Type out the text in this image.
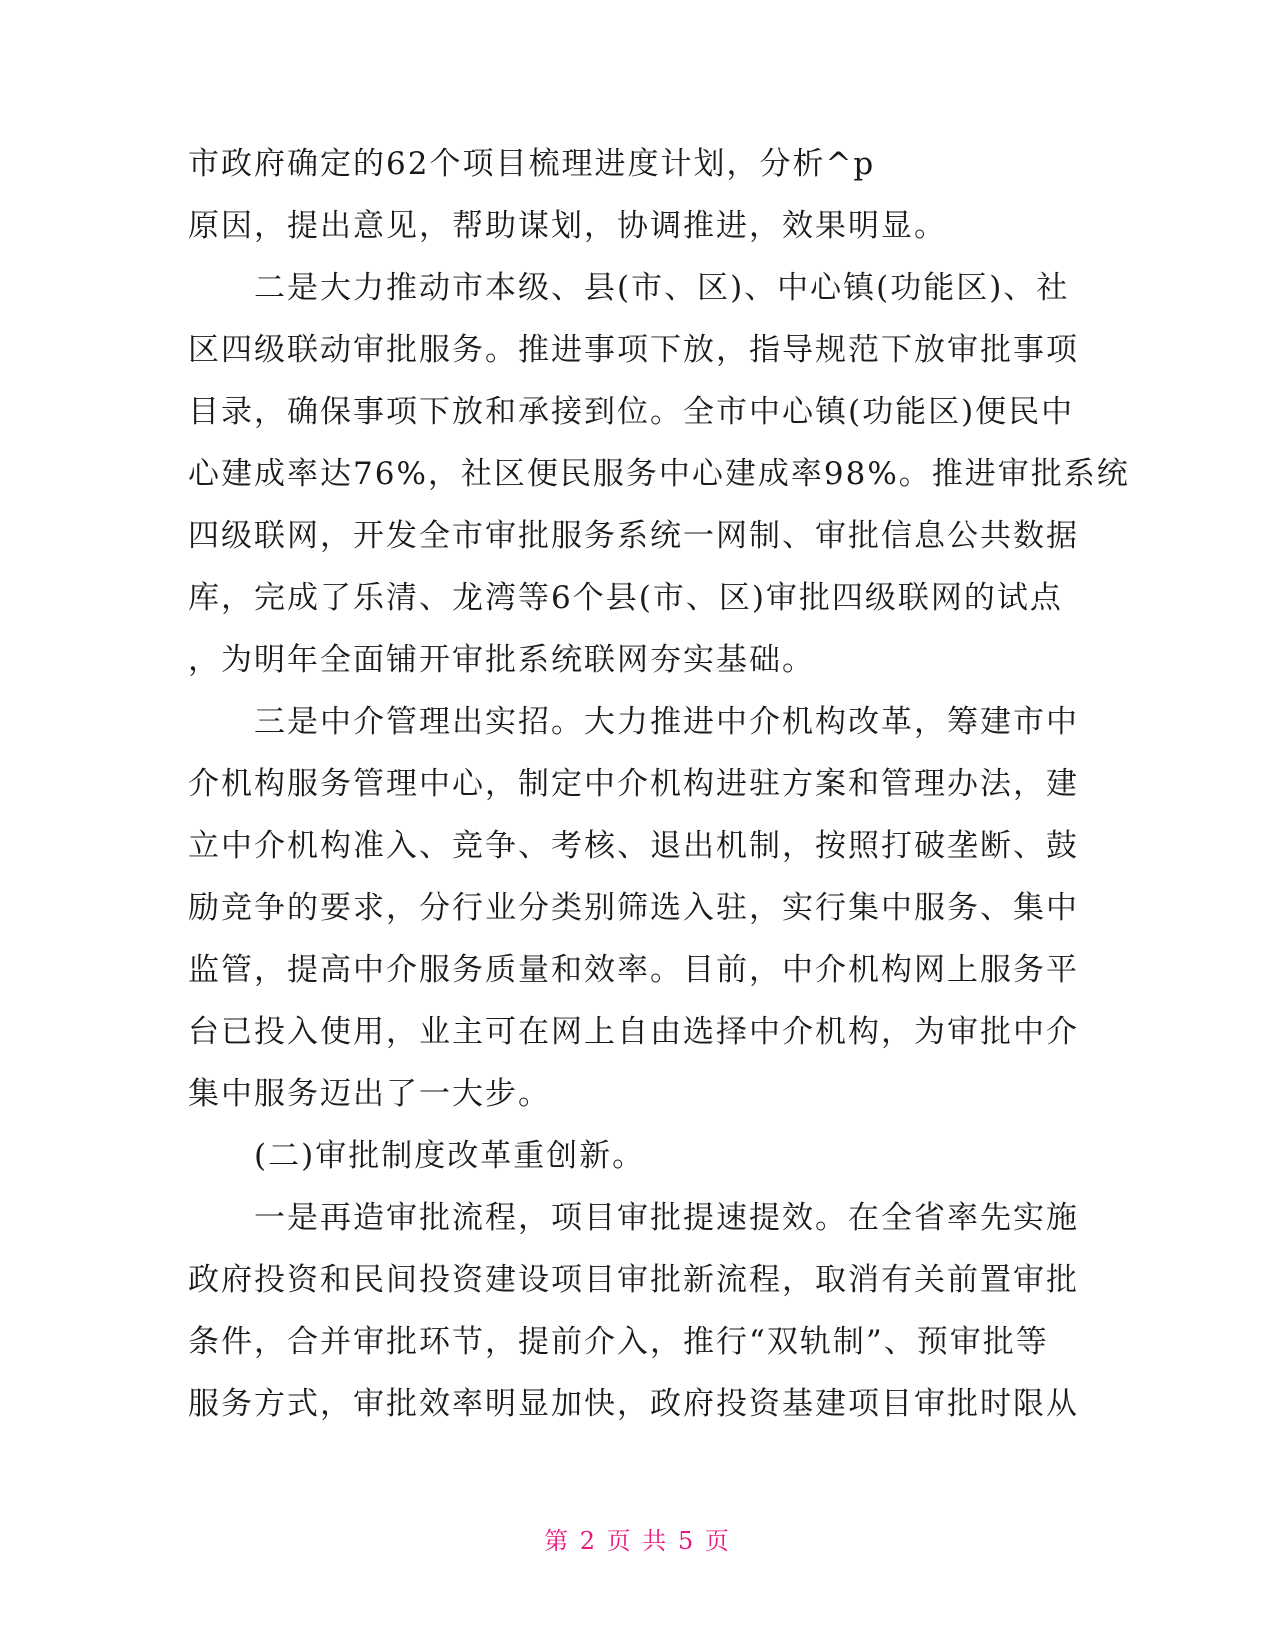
市政府确定的62个项目梳理进度计划，分析^p
原因，提出意见，帮助谋划，协调推进，效果明显。
　　二是大力推动市本级、县(市、区)、中心镇(功能区)、社
区四级联动审批服务。推进事项下放，指导规范下放审批事项
目录，确保事项下放和承接到位。全市中心镇(功能区)便民中
心建成率达76%，社区便民服务中心建成率98%。推进审批系统
四级联网，开发全市审批服务系统一网制、审批信息公共数据
库，完成了乐清、龙湾等6个县(市、区)审批四级联网的试点
，为明年全面铺开审批系统联网夯实基础。
　　三是中介管理出实招。大力推进中介机构改革，筹建市中
介机构服务管理中心，制定中介机构进驻方案和管理办法，建
立中介机构准入、竞争、考核、退出机制，按照打破垄断、鼓
励竞争的要求，分行业分类别筛选入驻，实行集中服务、集中
监管，提高中介服务质量和效率。目前，中介机构网上服务平
台已投入使用，业主可在网上自由选择中介机构，为审批中介
集中服务迈出了一大步。
　　(二)审批制度改革重创新。
　　一是再造审批流程，项目审批提速提效。在全省率先实施
政府投资和民间投资建设项目审批新流程，取消有关前置审批
条件，合并审批环节，提前介入，推行“双轨制”、预审批等
服务方式，审批效率明显加快，政府投资基建项目审批时限从
第 2 页 共 5 页
